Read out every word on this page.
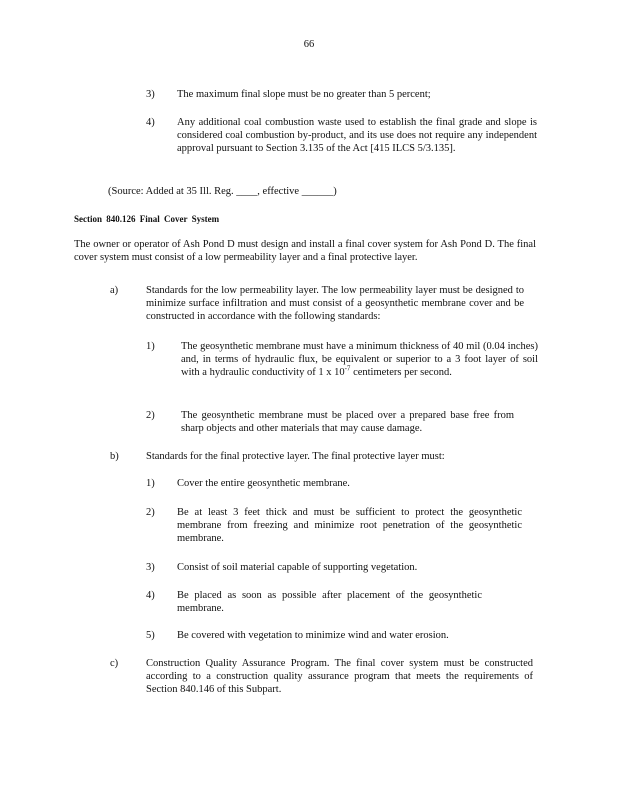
66
3) The maximum final slope must be no greater than 5 percent;
4) Any additional coal combustion waste used to establish the final grade and slope is considered coal combustion by-product, and its use does not require any independent approval pursuant to Section 3.135 of the Act [415 ILCS 5/3.135].
(Source: Added at 35 Ill. Reg. ____, effective ______)
Section 840.126 Final Cover System
The owner or operator of Ash Pond D must design and install a final cover system for Ash Pond D. The final cover system must consist of a low permeability layer and a final protective layer.
a)	Standards for the low permeability layer. The low permeability layer must be designed to minimize surface infiltration and must consist of a geosynthetic membrane cover and be constructed in accordance with the following standards:
1)	The geosynthetic membrane must have a minimum thickness of 40 mil (0.04 inches) and, in terms of hydraulic flux, be equivalent or superior to a 3 foot layer of soil with a hydraulic conductivity of 1 x $10^{-7}$ centimeters per second.
2)	The geosynthetic membrane must be placed over a prepared base free from sharp objects and other materials that may cause damage.
b)	Standards for the final protective layer. The final protective layer must:
1) Cover the entire geosynthetic membrane.
2) Be at least 3 feet thick and must be sufficient to protect the geosynthetic membrane from freezing and minimize root penetration of the geosynthetic membrane.
3) Consist of soil material capable of supporting vegetation.
4) Be placed as soon as possible after placement of the geosynthetic membrane.
5) Be covered with vegetation to minimize wind and water erosion.
c)	Construction Quality Assurance Program. The final cover system must be constructed according to a construction quality assurance program that meets the requirements of Section 840.146 of this Subpart.
